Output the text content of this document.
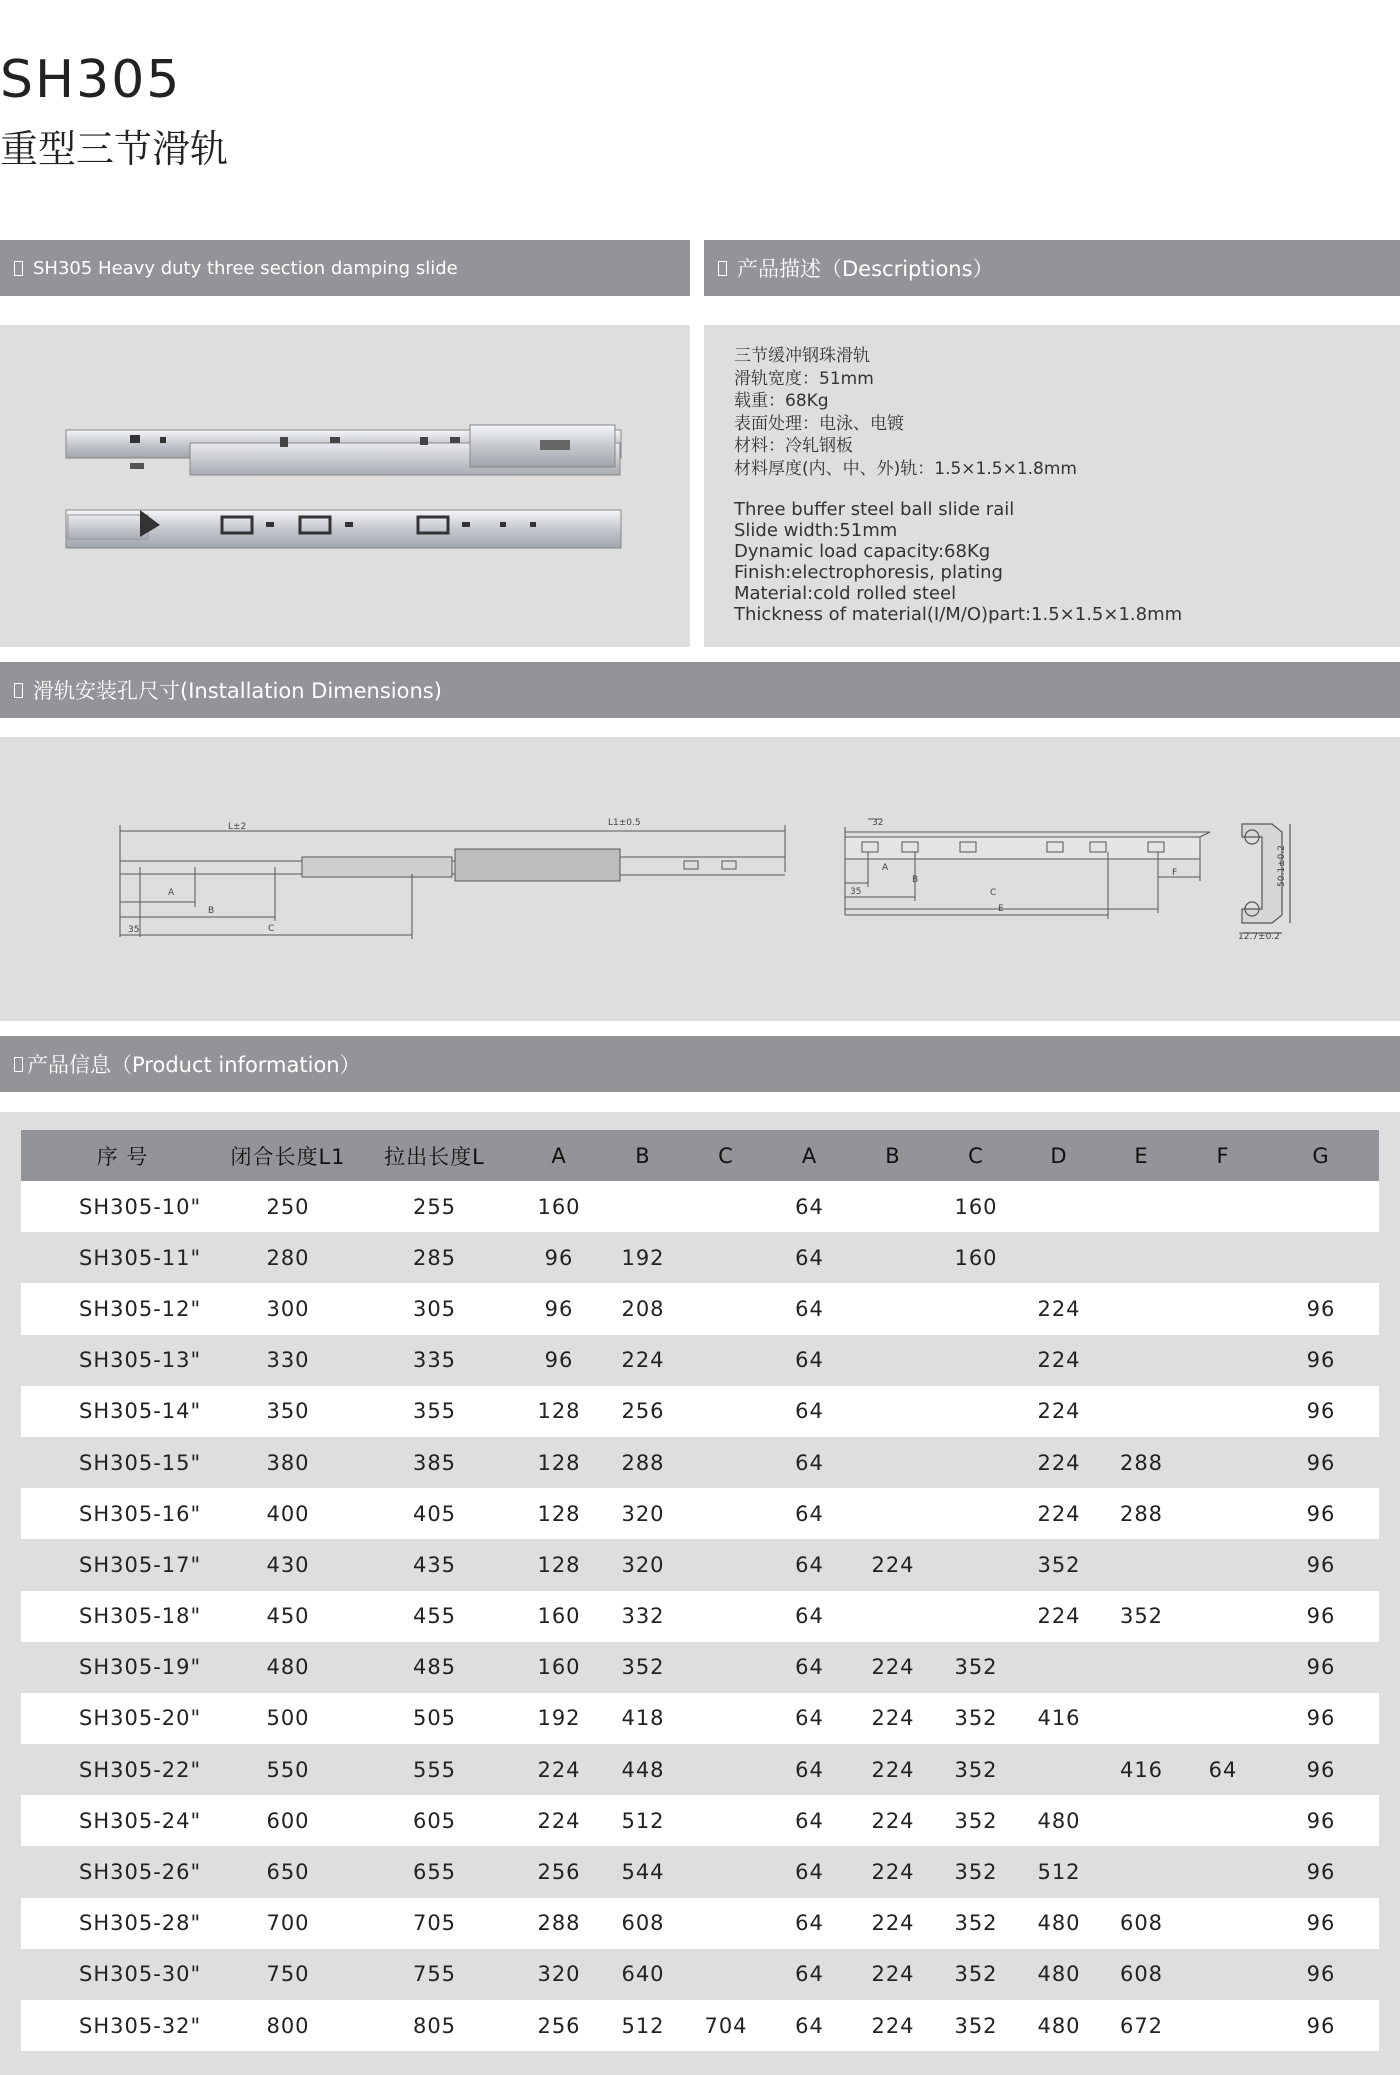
SH305
重型三节滑轨
SH305 Heavy duty three section damping slide	产品描述（Descriptions）
三节缓冲钢珠滑轨
滑轨宽度：51mm
载重：68Kg
表面处理：电泳、电镀
材料：冷轧钢板
材料厚度(内、中、外)轨：1.5×1.5×1.8mm
Three buffer steel ball slide rail
Slide width:51mm
Dynamic load capacity:68Kg
Finish:electrophoresis, plating
Material:cold rolled steel
Thickness of material(I/M/O)part:1.5×1.5×1.8mm
滑轨安装孔尺寸(Installation Dimensions)
L±2	L1±0.5
A
B
C
35
32
A
B
C
E
F
35
12.7±0.2
50.1±0.2
产品信息（Product information）
序 号	闭合长度L1	拉出长度L	A	B	C	A	B	C	D	E	F	G
SH305-10"	250	255	160			64		160				
SH305-11"	280	285	96	192		64		160				
SH305-12"	300	305	96	208		64			224			96
SH305-13"	330	335	96	224		64			224			96
SH305-14"	350	355	128	256		64			224			96
SH305-15"	380	385	128	288		64			224	288		96
SH305-16"	400	405	128	320		64			224	288		96
SH305-17"	430	435	128	320		64	224		352			96
SH305-18"	450	455	160	332		64			224	352		96
SH305-19"	480	485	160	352		64	224	352				96
SH305-20"	500	505	192	418		64	224	352	416			96
SH305-22"	550	555	224	448		64	224	352		416	64	96
SH305-24"	600	605	224	512		64	224	352	480			96
SH305-26"	650	655	256	544		64	224	352	512			96
SH305-28"	700	705	288	608		64	224	352	480	608		96
SH305-30"	750	755	320	640		64	224	352	480	608		96
SH305-32"	800	805	256	512	704	64	224	352	480	672		96
